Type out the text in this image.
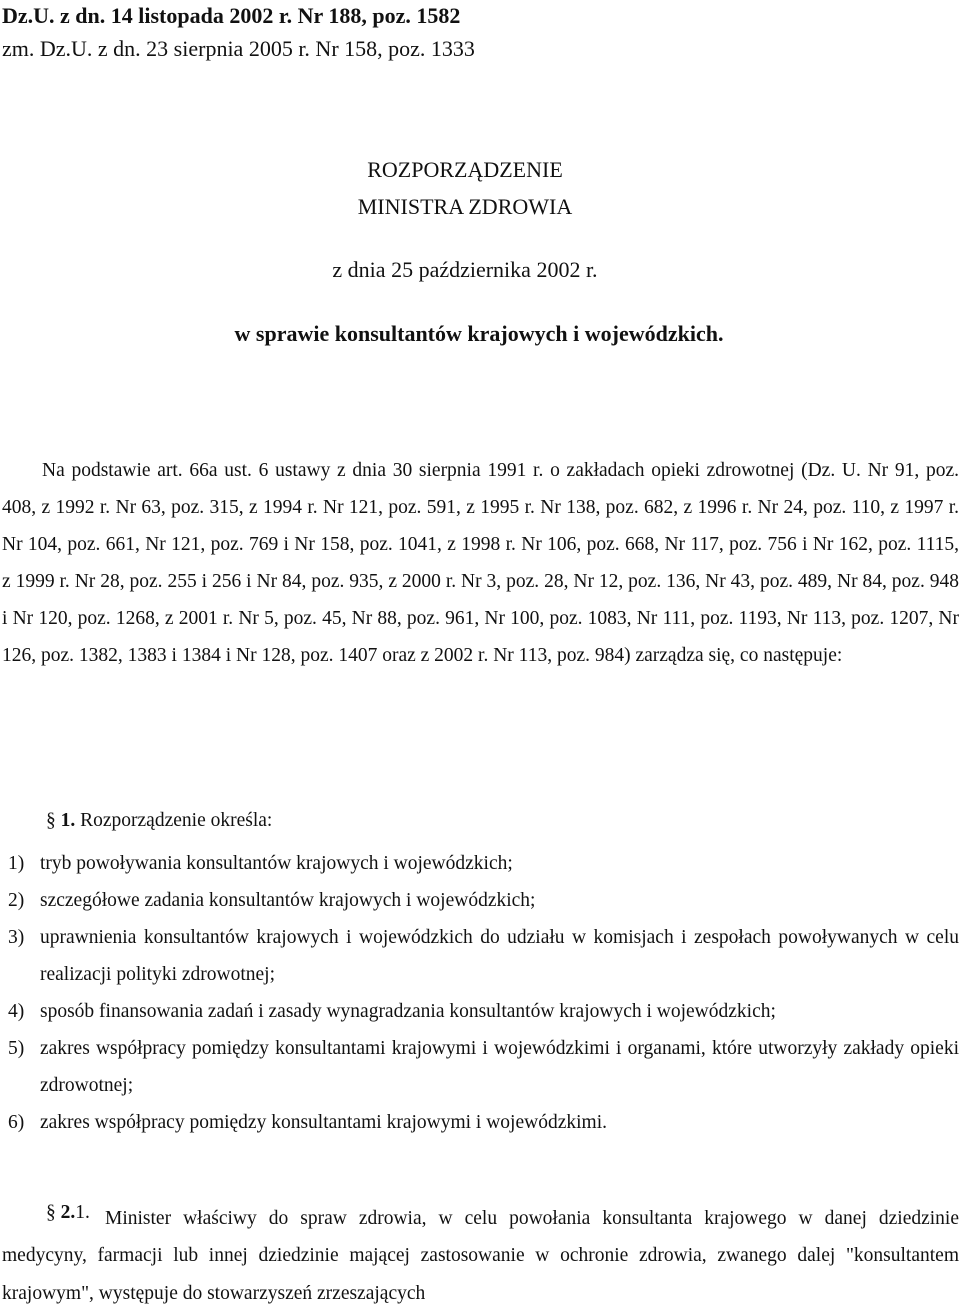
Dz.U. z dn. 14 listopada 2002 r. Nr 188, poz. 1582
zm. Dz.U. z dn. 23 sierpnia 2005 r. Nr 158, poz. 1333
ROZPORZĄDZENIE
MINISTRA ZDROWIA
z dnia 25 października 2002 r.
w sprawie konsultantów krajowych i wojewódzkich.
Na podstawie art. 66a ust. 6 ustawy z dnia 30 sierpnia 1991 r. o zakładach opieki zdrowotnej (Dz. U. Nr 91, poz. 408, z 1992 r. Nr 63, poz. 315, z 1994 r. Nr 121, poz. 591, z 1995 r. Nr 138, poz. 682, z 1996 r. Nr 24, poz. 110, z 1997 r. Nr 104, poz. 661, Nr 121, poz. 769 i Nr 158, poz. 1041, z 1998 r. Nr 106, poz. 668, Nr 117, poz. 756 i Nr 162, poz. 1115, z 1999 r. Nr 28, poz. 255 i 256 i Nr 84, poz. 935, z 2000 r. Nr 3, poz. 28, Nr 12, poz. 136, Nr 43, poz. 489, Nr 84, poz. 948 i Nr 120, poz. 1268, z 2001 r. Nr 5, poz. 45, Nr 88, poz. 961, Nr 100, poz. 1083, Nr 111, poz. 1193, Nr 113, poz. 1207, Nr 126, poz. 1382, 1383 i 1384 i Nr 128, poz. 1407 oraz z 2002 r. Nr 113, poz. 984) zarządza się, co następuje:
§ 1. Rozporządzenie określa:
1) tryb powoływania konsultantów krajowych i wojewódzkich;
2) szczegółowe zadania konsultantów krajowych i wojewódzkich;
3) uprawnienia konsultantów krajowych i wojewódzkich do udziału w komisjach i zespołach powoływanych w celu realizacji polityki zdrowotnej;
4) sposób finansowania zadań i zasady wynagradzania konsultantów krajowych i wojewódzkich;
5) zakres współpracy pomiędzy konsultantami krajowymi i wojewódzkimi i organami, które utworzyły zakłady opieki zdrowotnej;
6) zakres współpracy pomiędzy konsultantami krajowymi i wojewódzkimi.
Minister właściwy do spraw zdrowia, w celu powołania konsultanta krajowego w danej dziedzinie medycyny, farmacji lub innej dziedzinie mającej zastosowanie w ochronie zdrowia, zwanego dalej "konsultantem krajowym", występuje do stowarzyszeń zrzeszających
§ 2.1.
